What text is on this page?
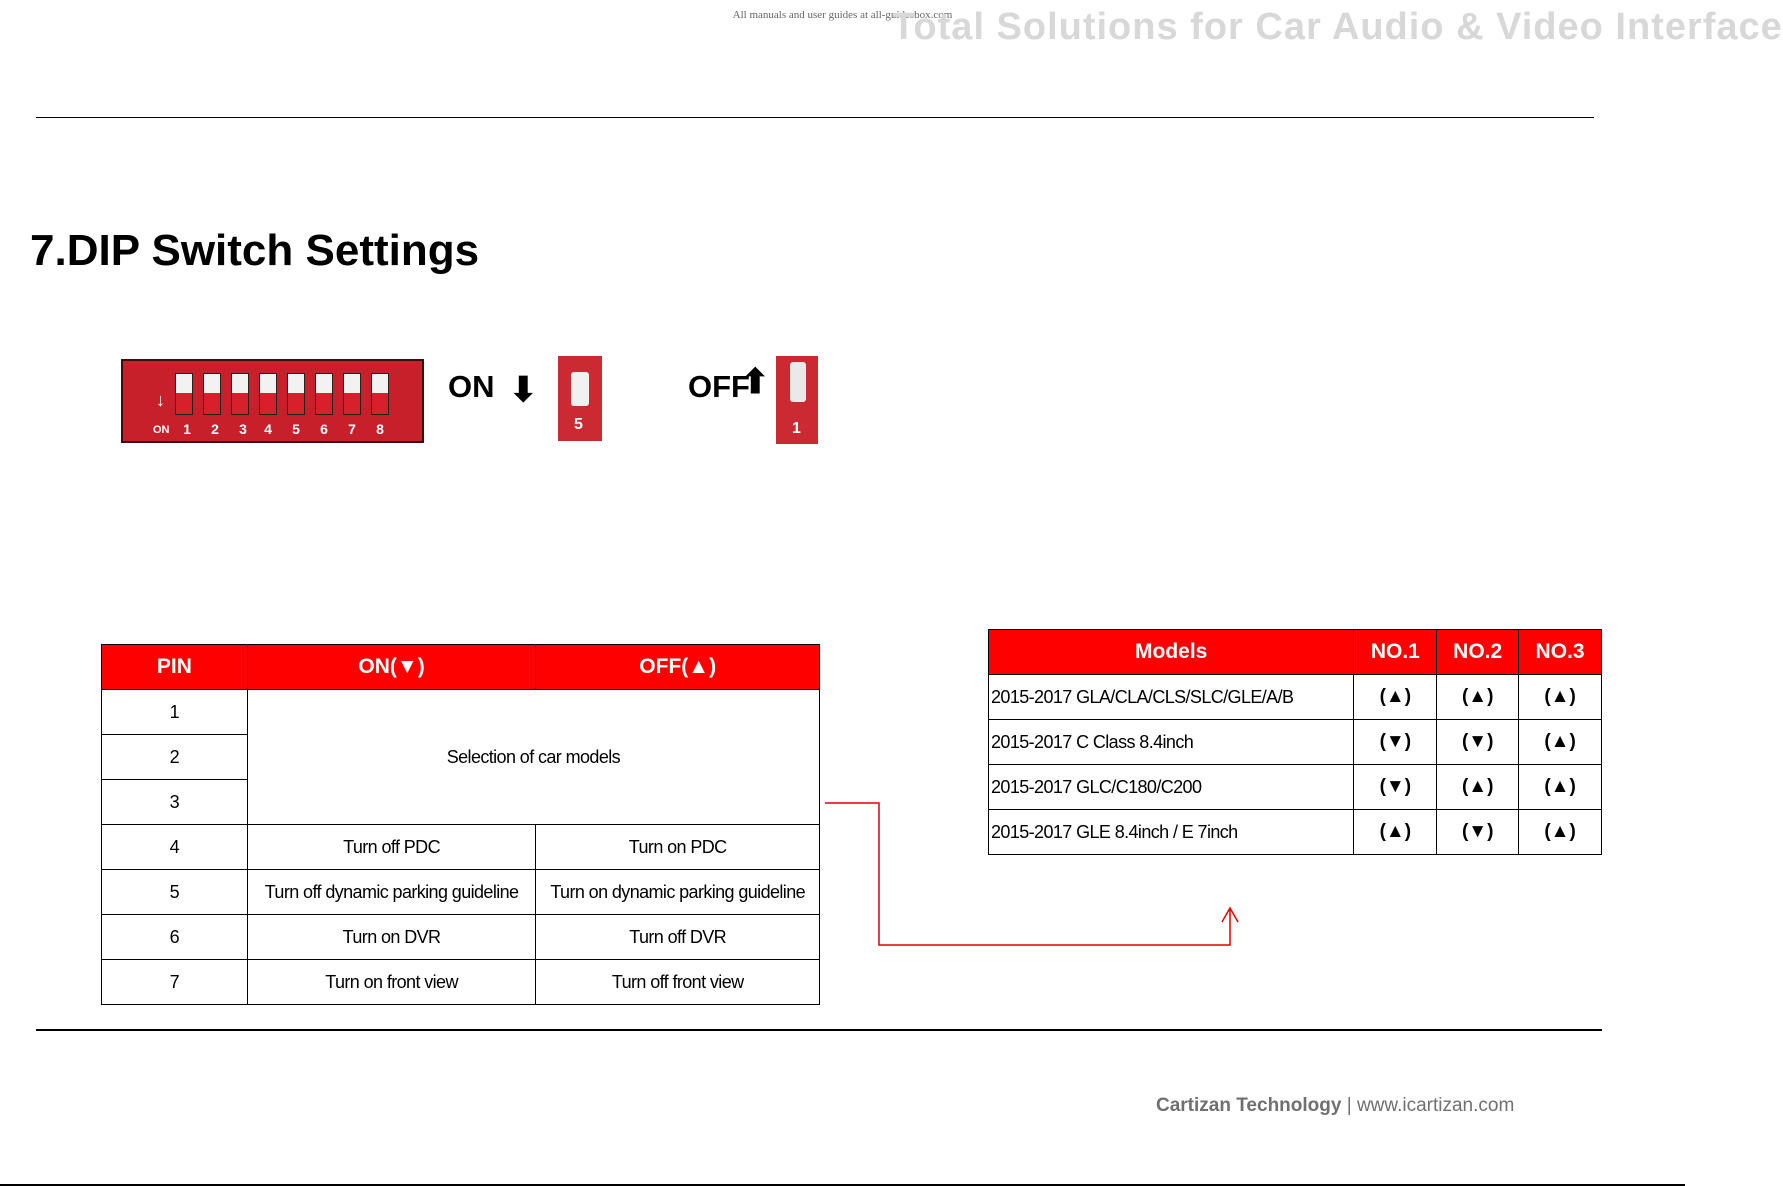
All manuals and user guides at all-guidesbox.com
Total Solutions for Car Audio & Video Interface
7.DIP Switch Settings
↓
ON 1	2	3	4	5	6	7	8
ON ⬇
5
OFF
⬆
1
PIN	ON(▼)	OFF(▲)
1	Selection of car models	
2		
3		
4	Turn off PDC	Turn on PDC
5	Turn off dynamic parking guideline	Turn on dynamic parking guideline
6	Turn on DVR	Turn off DVR
7	Turn on front view	Turn off front view
Models	NO.1	NO.2	NO.3
2015-2017 GLA/CLA/CLS/SLC/GLE/A/B	(▲)	(▲)	(▲)
2015-2017 C Class 8.4inch	(▼)	(▼)	(▲)
2015-2017 GLC/C180/C200	(▼)	(▲)	(▲)
2015-2017 GLE 8.4inch / E 7inch	(▲)	(▼)	(▲)
Cartizan Technology | www.icartizan.com
